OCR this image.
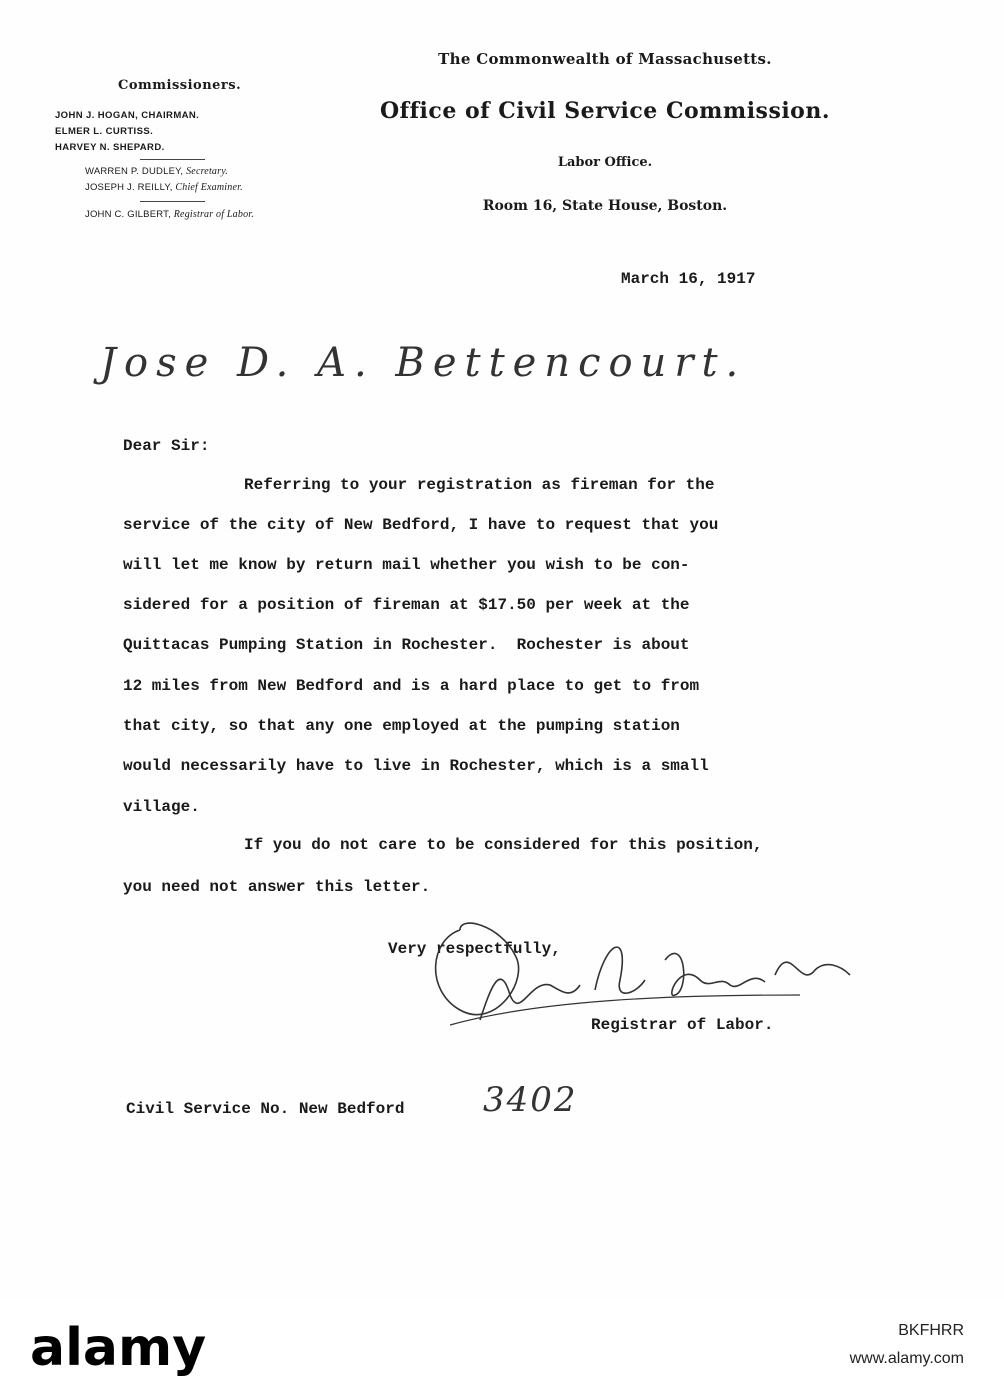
Commissioners.
JOHN J. HOGAN, CHAIRMAN.
ELMER L. CURTISS.
HARVEY N. SHEPARD.
WARREN P. DUDLEY, Secretary.
JOSEPH J. REILLY, Chief Examiner.
JOHN C. GILBERT, Registrar of Labor.
The Commonwealth of Massachusetts.
Office of Civil Service Commission.
Labor Office.
Room 16, State House, Boston.
March 16, 1917
Jose D. A. Bettencourt.
Dear Sir:
Referring to your registration as fireman for the
service of the city of New Bedford, I have to request that you
will let me know by return mail whether you wish to be con-
sidered for a position of fireman at $17.50 per week at the
Quittacas Pumping Station in Rochester.  Rochester is about
12 miles from New Bedford and is a hard place to get to from
that city, so that any one employed at the pumping station
would necessarily have to live in Rochester, which is a small
village.
If you do not care to be considered for this position,
you need not answer this letter.
Very respectfully,
Registrar of Labor.
Civil Service No. New Bedford 3402
alamy	BKFHRR
www.alamy.com
